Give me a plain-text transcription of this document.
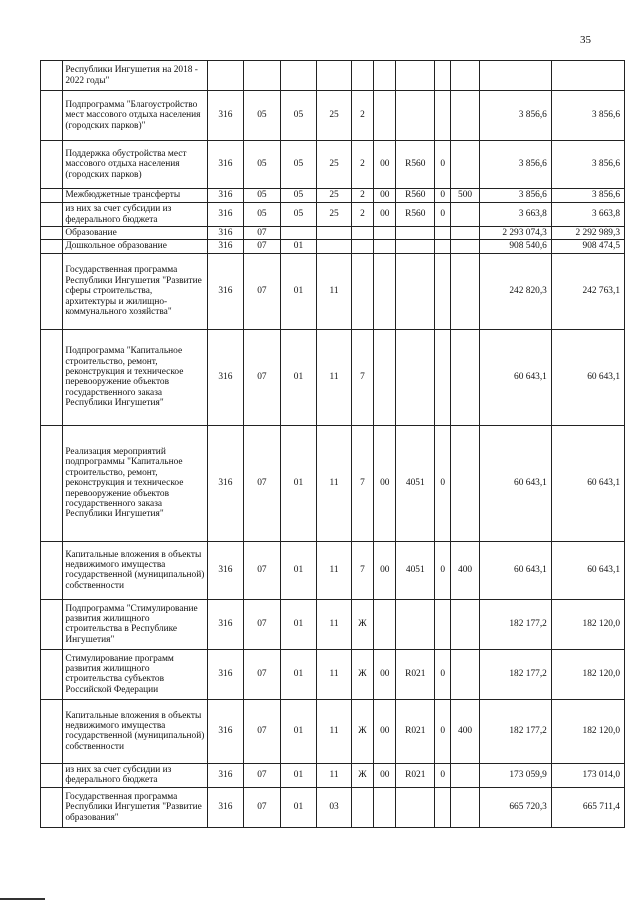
35
	Республики Ингушетия на 2018 - 2022 годы"											
	Подпрограмма "Благоустройство мест массового отдыха населения (городских парков)"	316	05	05	25	2					3 856,6	3 856,6
	Поддержка обустройства мест массового отдыха населения (городских парков)	316	05	05	25	2	00	R560	0		3 856,6	3 856,6
	Межбюджетные трансферты	316	05	05	25	2	00	R560	0	500	3 856,6	3 856,6
	из них за счет субсидии из федерального бюджета	316	05	05	25	2	00	R560	0		3 663,8	3 663,8
	Образование	316	07								2 293 074,3	2 292 989,3
	Дошкольное образование	316	07	01							908 540,6	908 474,5
	Государственная программа Республики Ингушетия "Развитие сферы строительства, архитектуры и жилищно-коммунального хозяйства"	316	07	01	11						242 820,3	242 763,1
	Подпрограмма "Капитальное строительство, ремонт, реконструкция и техническое перевооружение объектов государственного заказа Республики Ингушетия"	316	07	01	11	7					60 643,1	60 643,1
	Реализация мероприятий подпрограммы "Капитальное строительство, ремонт, реконструкция и техническое перевооружение объектов государственного заказа Республики Ингушетия"	316	07	01	11	7	00	4051	0		60 643,1	60 643,1
	Капитальные вложения в объекты недвижимого имущества государственной (муниципальной) собственности	316	07	01	11	7	00	4051	0	400	60 643,1	60 643,1
	Подпрограмма "Стимулирование развития жилищного строительства в Республике Ингушетия"	316	07	01	11	Ж					182 177,2	182 120,0
	Стимулирование программ развития жилищного строительства субъектов Российской Федерации	316	07	01	11	Ж	00	R021	0		182 177,2	182 120,0
	Капитальные вложения в объекты недвижимого имущества государственной (муниципальной) собственности	316	07	01	11	Ж	00	R021	0	400	182 177,2	182 120,0
	из них за счет субсидии из федерального бюджета	316	07	01	11	Ж	00	R021	0		173 059,9	173 014,0
	Государственная программа Республики Ингушетия "Развитие образования"	316	07	01	03						665 720,3	665 711,4
